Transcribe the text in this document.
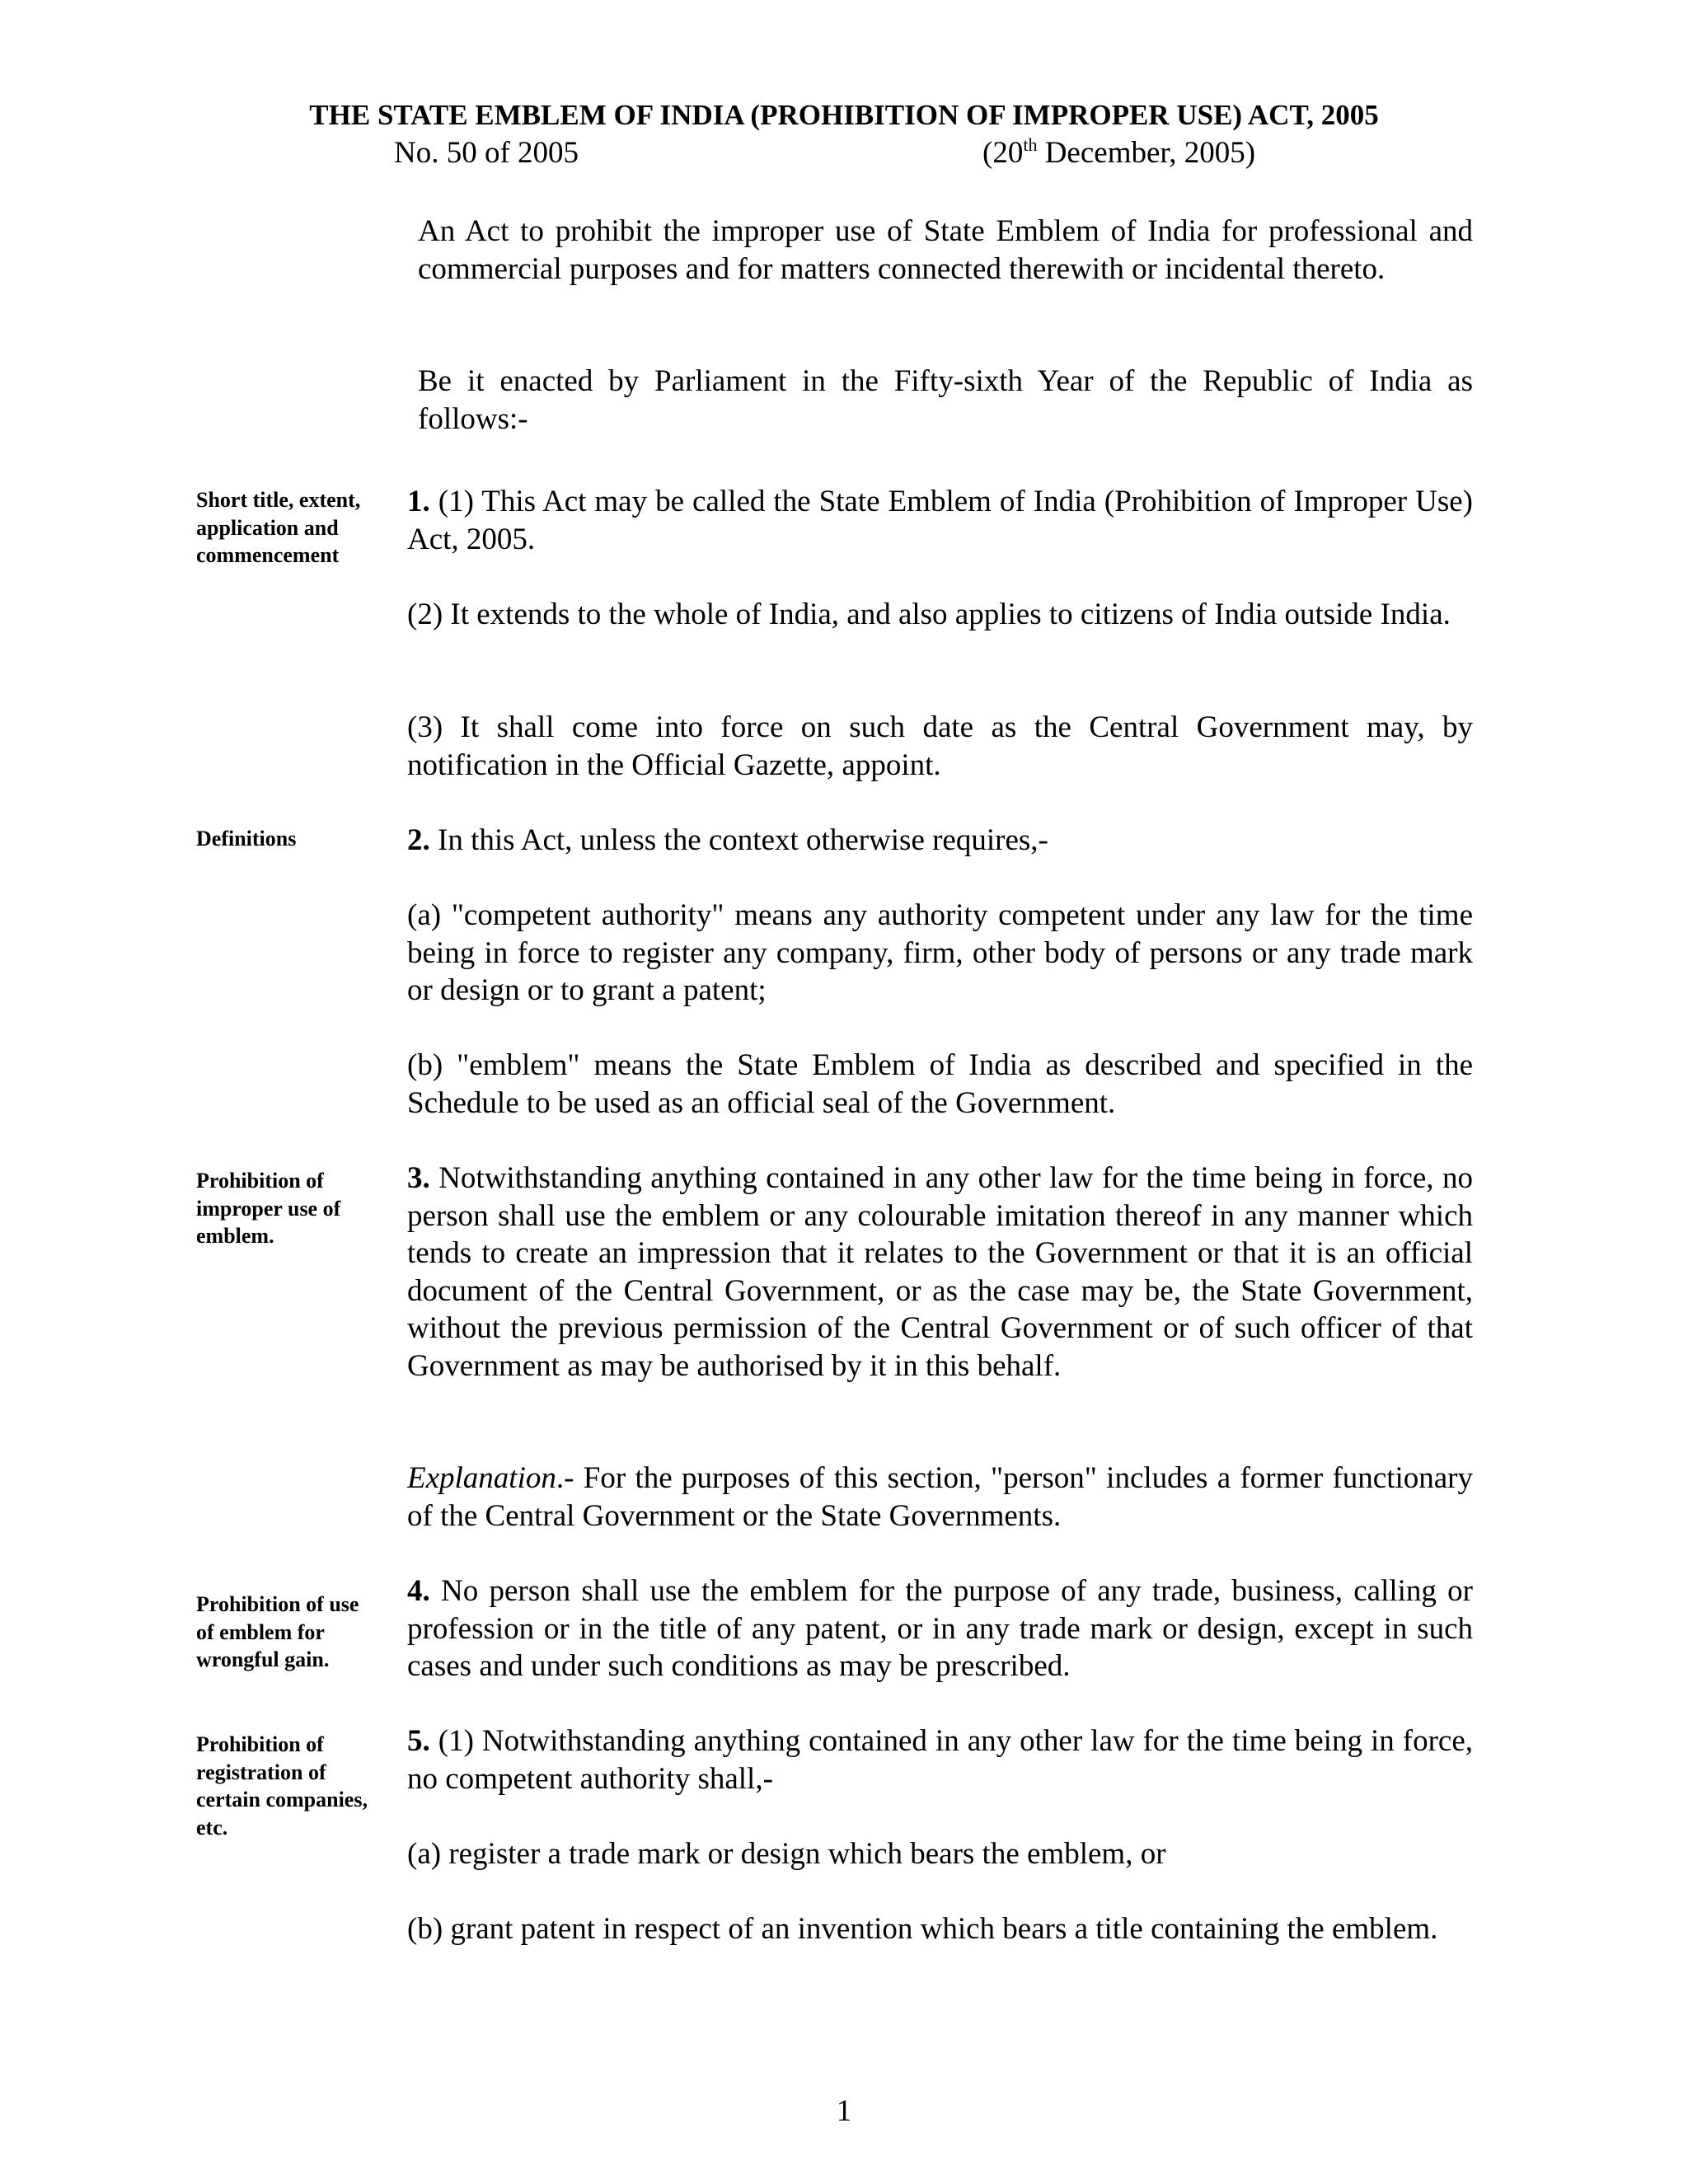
THE STATE EMBLEM OF INDIA (PROHIBITION OF IMPROPER USE) ACT, 2005
No. 50 of 2005	(20th December, 2005)

An Act to prohibit the improper use of State Emblem of India for professional and commercial purposes and for matters connected therewith or incidental thereto.

Be it enacted by Parliament in the Fifty-sixth Year of the Republic of India as follows:-

Short title, extent, application and commencement

1. (1) This Act may be called the State Emblem of India (Prohibition of Improper Use) Act, 2005.

(2) It extends to the whole of India, and also applies to citizens of India outside India.

(3) It shall come into force on such date as the Central Government may, by notification in the Official Gazette, appoint.

Definitions	2. In this Act, unless the context otherwise requires,-

(a) "competent authority" means any authority competent under any law for the time being in force to register any company, firm, other body of persons or any trade mark or design or to grant a patent;

(b) "emblem" means the State Emblem of India as described and specified in the Schedule to be used as an official seal of the Government.

Prohibition of improper use of emblem.

3. Notwithstanding anything contained in any other law for the time being in force, no person shall use the emblem or any colourable imitation thereof in any manner which tends to create an impression that it relates to the Government or that it is an official document of the Central Government, or as the case may be, the State Government, without the previous permission of the Central Government or of such officer of that Government as may be authorised by it in this behalf.

Explanation.- For the purposes of this section, "person" includes a former functionary of the Central Government or the State Governments.

Prohibition of use of emblem for wrongful gain.

4. No person shall use the emblem for the purpose of any trade, business, calling or profession or in the title of any patent, or in any trade mark or design, except in such cases and under such conditions as may be prescribed.

Prohibition of registration of certain companies, etc.

5. (1) Notwithstanding anything contained in any other law for the time being in force, no competent authority shall,-

(a) register a trade mark or design which bears the emblem, or

(b) grant patent in respect of an invention which bears a title containing the emblem.

1
